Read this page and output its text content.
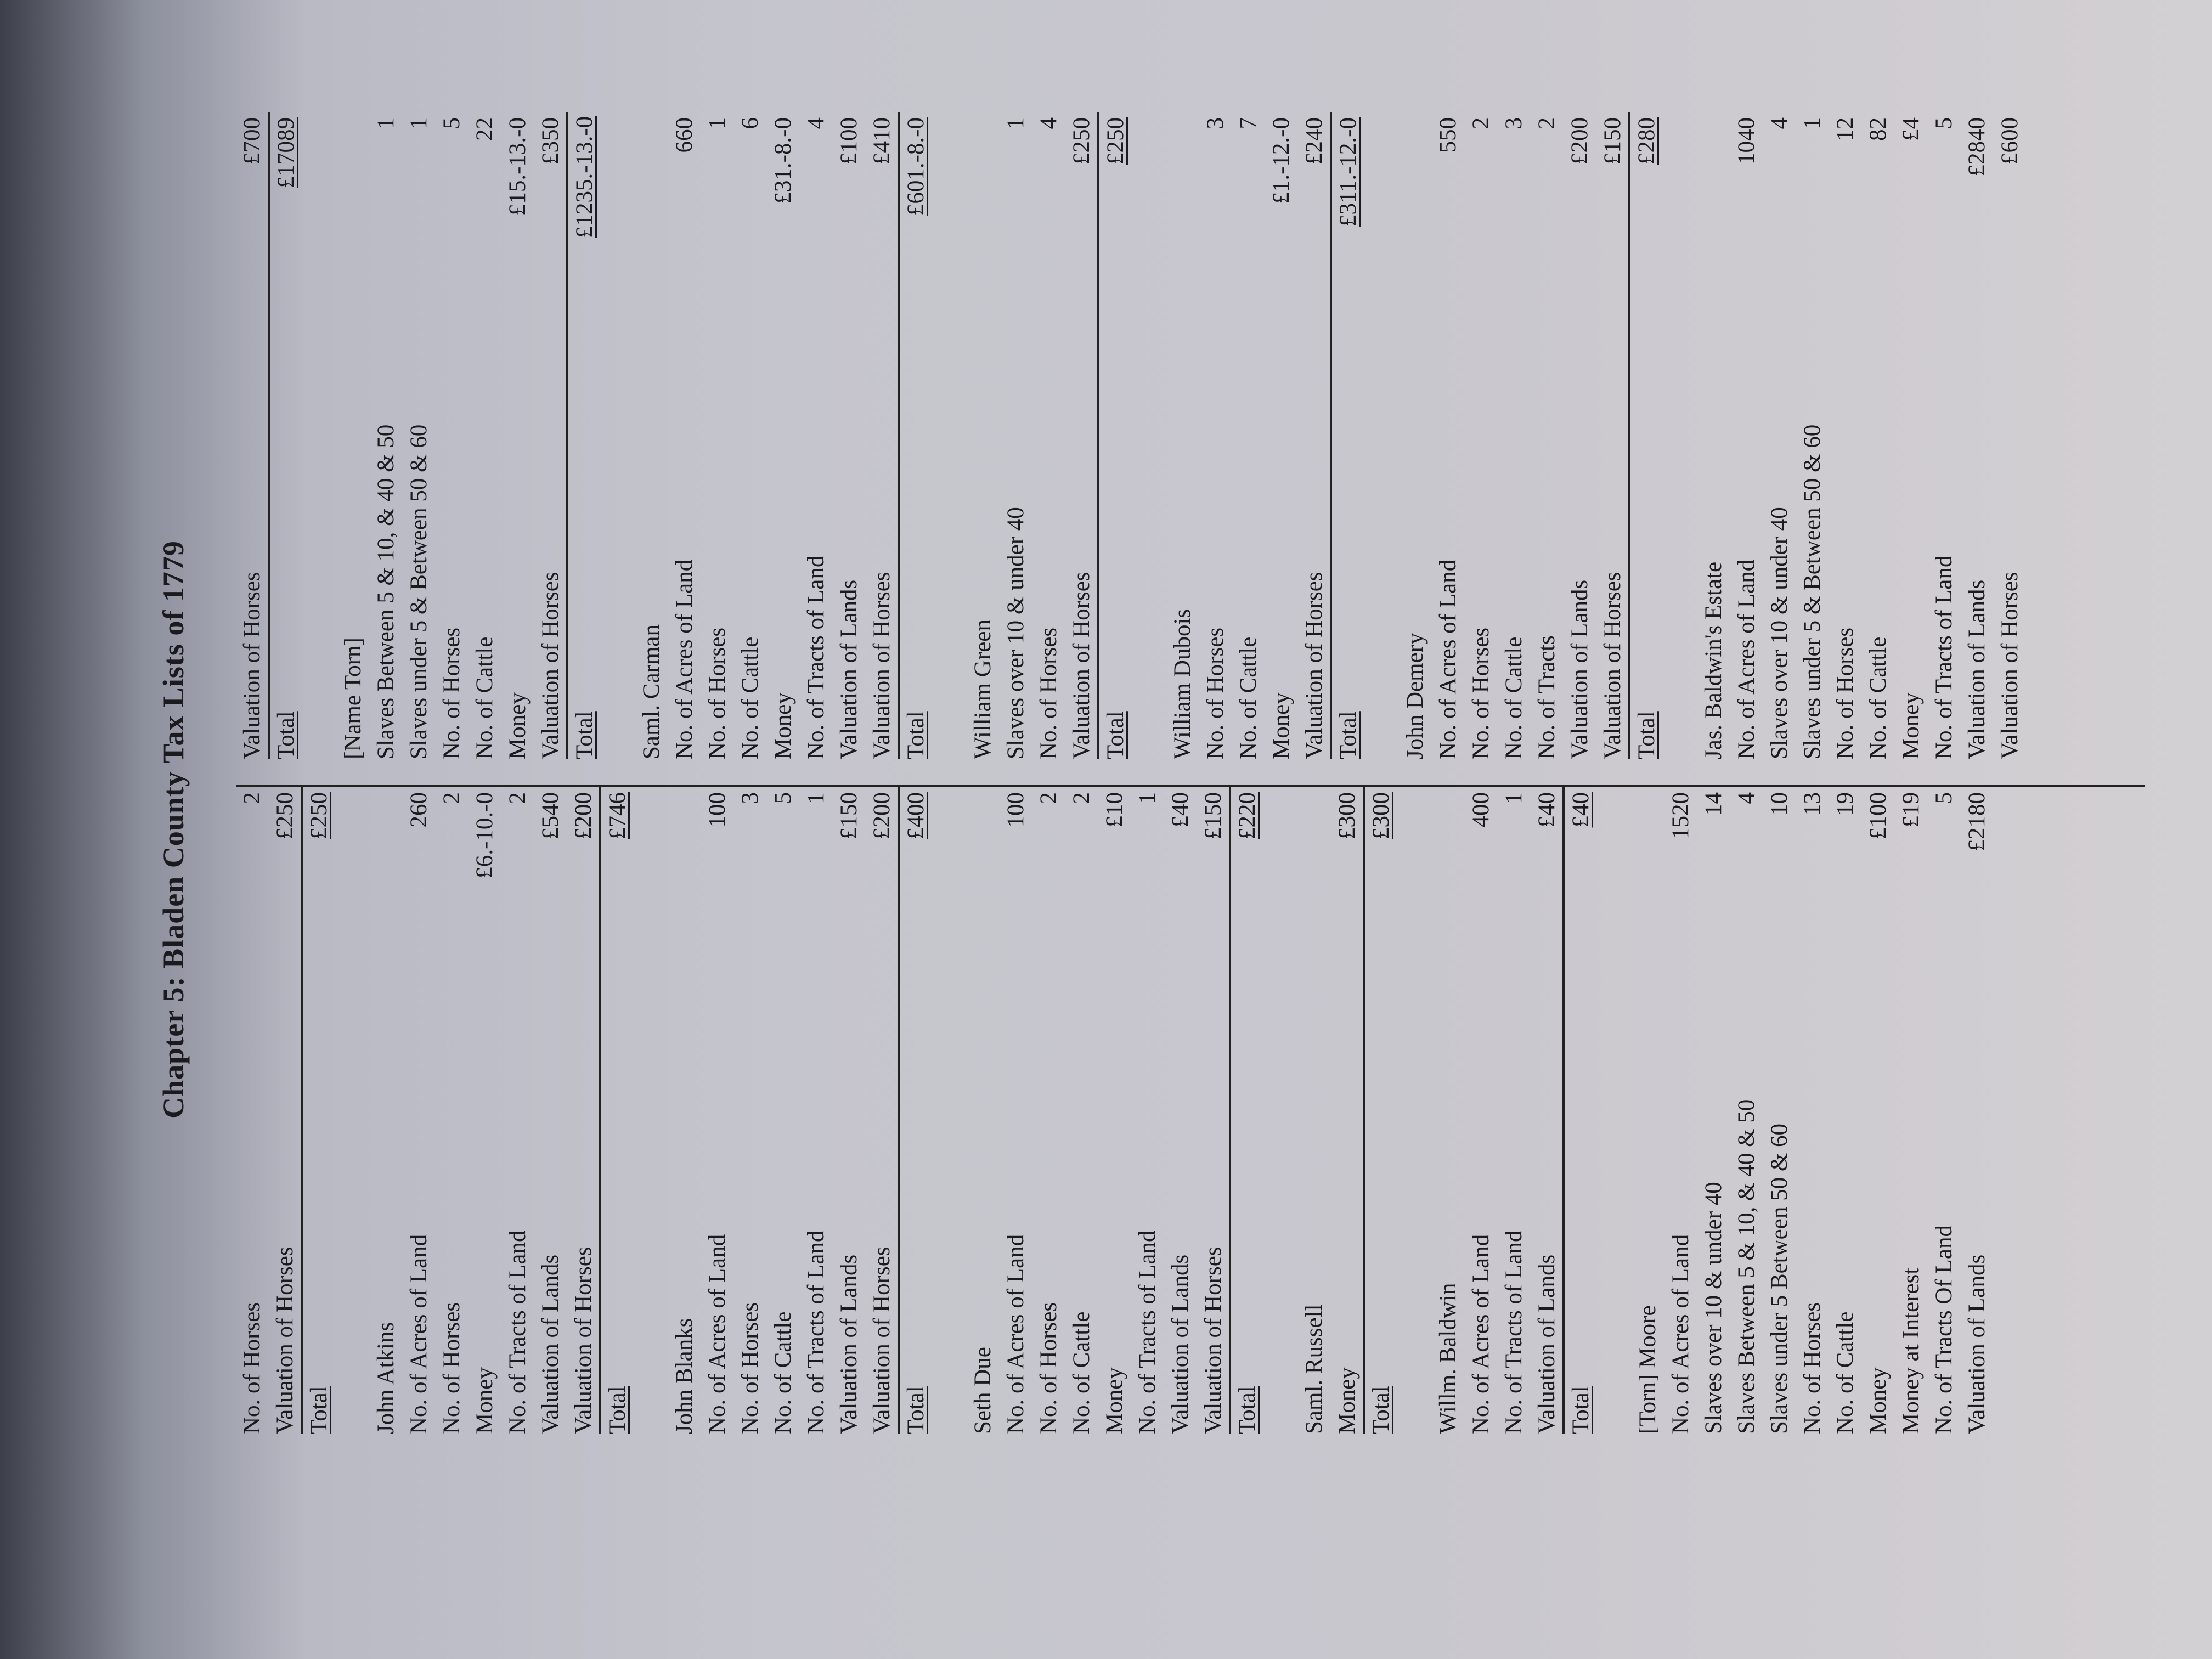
Chapter 5: Bladen County Tax Lists of 1779
No. of Horses
2
Valuation of Horses
£250
Total
£250
John Atkins No. of Acres of Land
260
No. of Horses
2
Money
£6.-10.-0
No. of Tracts of Land
2
Valuation of Lands
£540
Valuation of Horses
£200
Total
£746
John Blanks No. of Acres of Land
100
No. of Horses
3
No. of Cattle
5
No. of Tracts of Land
1
Valuation of Lands
£150
Valuation of Horses
£200
Total
£400
Seth Due No. of Acres of Land
100
No. of Horses
2
No. of Cattle
2
Money
£10
No. of Tracts of Land
1
Valuation of Lands
£40
Valuation of Horses
£150
Total
£220
Saml. Russell Money
£300
Total
£300
Willm. Baldwin No. of Acres of Land
400
No. of Tracts of Land
1
Valuation of Lands
£40
Total
£40
[Torn] Moore No. of Acres of Land
1520
Slaves over 10 & under 40
14
Slaves Between 5 & 10, & 40 & 50
4
Slaves under 5 Between 50 & 60
10
No. of Horses
13
No. of Cattle
19
Money
£100
Money at Interest
£19
No. of Tracts Of Land
5
Valuation of Lands
£2180
Valuation of Horses
£700
Total
£17089
[Name Torn] Slaves Between 5 & 10, & 40 & 50
1
Slaves under 5 & Between 50 & 60
1
No. of Horses
5
No. of Cattle
22
Money
£15.-13.-0
Valuation of Horses
£350
Total
£1235.-13.-0
Saml. Carman No. of Acres of Land
660
No. of Horses
1
No. of Cattle
6
Money
£31.-8.-0
No. of Tracts of Land
4
Valuation of Lands
£100
Valuation of Horses
£410
Total
£601.-8.-0
William Green Slaves over 10 & under 40
1
No. of Horses
4
Valuation of Horses
£250
Total
£250
William Dubois No. of Horses
3
No. of Cattle
7
Money
£1.-12.-0
Valuation of Horses
£240
Total
£311.-12.-0
John Demery No. of Acres of Land
550
No. of Horses
2
No. of Cattle
3
No. of Tracts
2
Valuation of Lands
£200
Valuation of Horses
£150
Total
£280
Jas. Baldwin's Estate No. of Acres of Land
1040
Slaves over 10 & under 40
4
Slaves under 5 & Between 50 & 60
1
No. of Horses
12
No. of Cattle
82
Money
£4
No. of Tracts of Land
5
Valuation of Lands
£2840
Valuation of Horses
£600
